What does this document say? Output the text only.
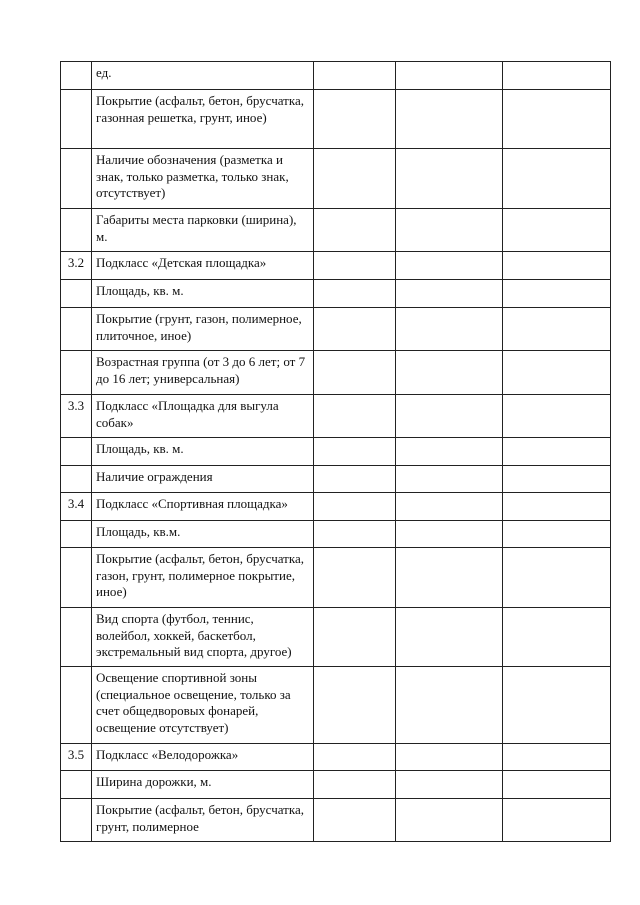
	ед.			
	Покрытие (асфальт, бетон, брусчатка, газонная решетка, грунт, иное)			
	Наличие обозначения (разметка и знак, только разметка, только знак, отсутствует)			
	Габариты места парковки (ширина), м.			
3.2	Подкласс «Детская площадка»			
	Площадь, кв. м.			
	Покрытие (грунт, газон, полимерное, плиточное, иное)			
	Возрастная группа (от 3 до 6 лет; от 7 до 16 лет; универсальная)			
3.3	Подкласс «Площадка для выгула собак»			
	Площадь, кв. м.			
	Наличие ограждения			
3.4	Подкласс «Спортивная площадка»			
	Площадь, кв.м.			
	Покрытие (асфальт, бетон, брусчатка, газон, грунт, полимерное покрытие, иное)			
	Вид спорта (футбол, теннис, волейбол, хоккей, баскетбол, экстремальный вид спорта, другое)			
	Освещение спортивной зоны (специальное освещение, только за счет общедворовых фонарей, освещение отсутствует)			
3.5	Подкласс «Велодорожка»			
	Ширина дорожки, м.			
	Покрытие (асфальт, бетон, брусчатка, грунт, полимерное			
